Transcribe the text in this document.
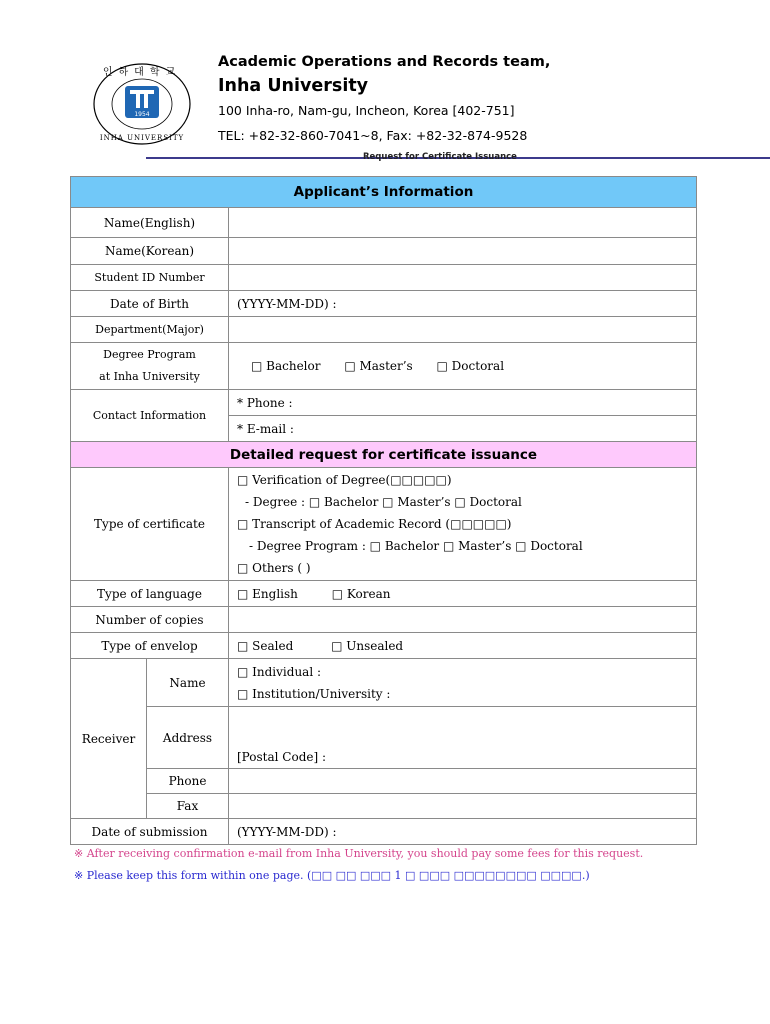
인하대학교
INHA UNIVERSITY
1954
Academic Operations and Records team,
Inha University
100 Inha-ro, Nam-gu, Incheon, Korea [402-751]
TEL: +82-32-860-7041~8, Fax: +82-32-874-9528
Request for Certificate Issuance
Applicant’s Information		
Name(English)		
Name(Korean)		
Student ID Number		
Date of Birth		(YYYY-MM-DD) :
Department(Major)		

Degree Program
at Inha University		□ Bachelor □ Master’s □ Doctoral
Contact Information		* Phone :
		* E-mail :
Detailed request for certificate issuance		
Type of certificate		□ Verification of Degree(□□□□□)
- Degree : □ Bachelor □ Master’s □ Doctoral
□ Transcript of Academic Record (□□□□□)
- Degree Program : □ Bachelor □ Master’s □ Doctoral
□ Others ( )

Type of language		□ English □ Korean
Number of copies		
Type of envelop		□ Sealed □ Unsealed
Receiver	Name	□ Individual :
□ Institution/University :

	Address	[Postal Code] :
	Phone	
	Fax	
Date of submission		(YYYY-MM-DD) :
※ After receiving confirmation e-mail from Inha University, you should pay some fees for this request.
※ Please keep this form within one page. (□□ □□ □□□ 1 □ □□□ □□□□□□□□ □□□□.)
